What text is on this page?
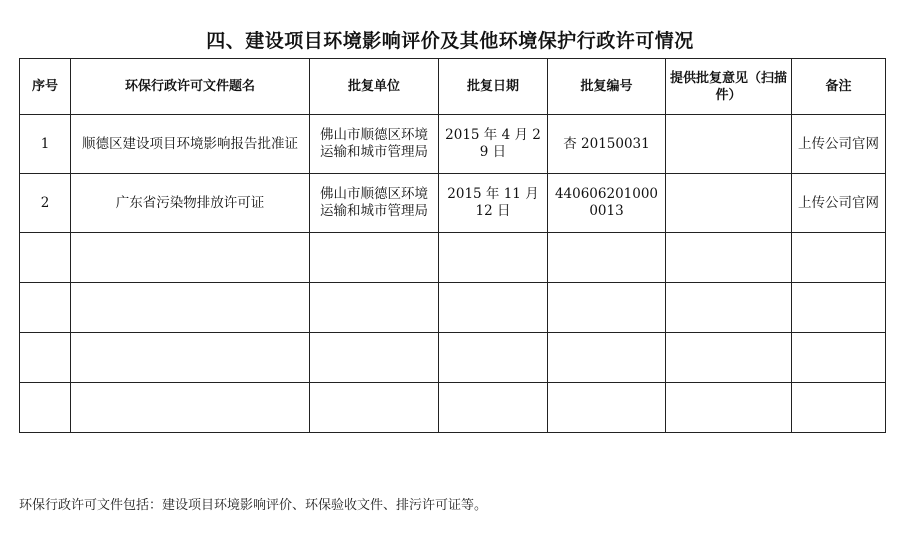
四、建设项目环境影响评价及其他环境保护行政许可情况
序号	环保行政许可文件题名	批复单位	批复日期	批复编号	提供批复意见（扫描件）	备注
1	顺德区建设项目环境影响报告批准证	佛山市顺德区环境运输和城市管理局	2015 年 4 月 29 日	杏 20150031		上传公司官网
2	广东省污染物排放许可证	佛山市顺德区环境运输和城市管理局	2015 年 11 月 12 日	4406062010000013		上传公司官网

环保行政许可文件包括：建设项目环境影响评价、环保验收文件、排污许可证等。
